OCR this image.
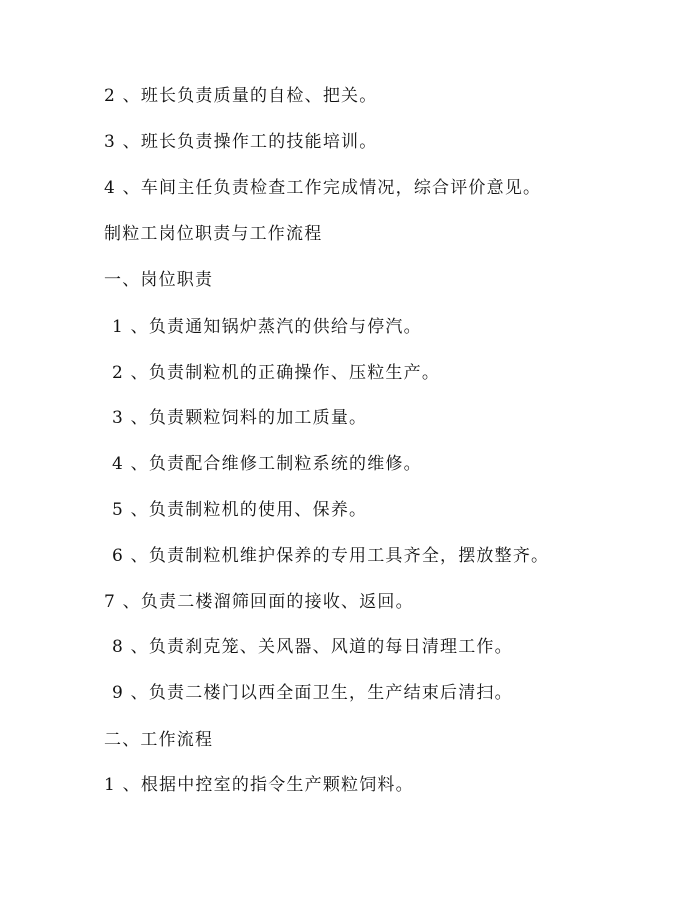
2 、班长负责质量的自检、把关。
3 、班长负责操作工的技能培训。
4 、车间主任负责检查工作完成情况，综合评价意见。
制粒工岗位职责与工作流程
一、岗位职责
1 、负责通知锅炉蒸汽的供给与停汽。
2 、负责制粒机的正确操作、压粒生产。
3 、负责颗粒饲料的加工质量。
4 、负责配合维修工制粒系统的维修。
5 、负责制粒机的使用、保养。
6 、负责制粒机维护保养的专用工具齐全，摆放整齐。
7 、负责二楼溜筛回面的接收、返回。
8 、负责刹克笼、关风器、风道的每日清理工作。
9 、负责二楼门以西全面卫生，生产结束后清扫。
二、工作流程
1 、根据中控室的指令生产颗粒饲料。
